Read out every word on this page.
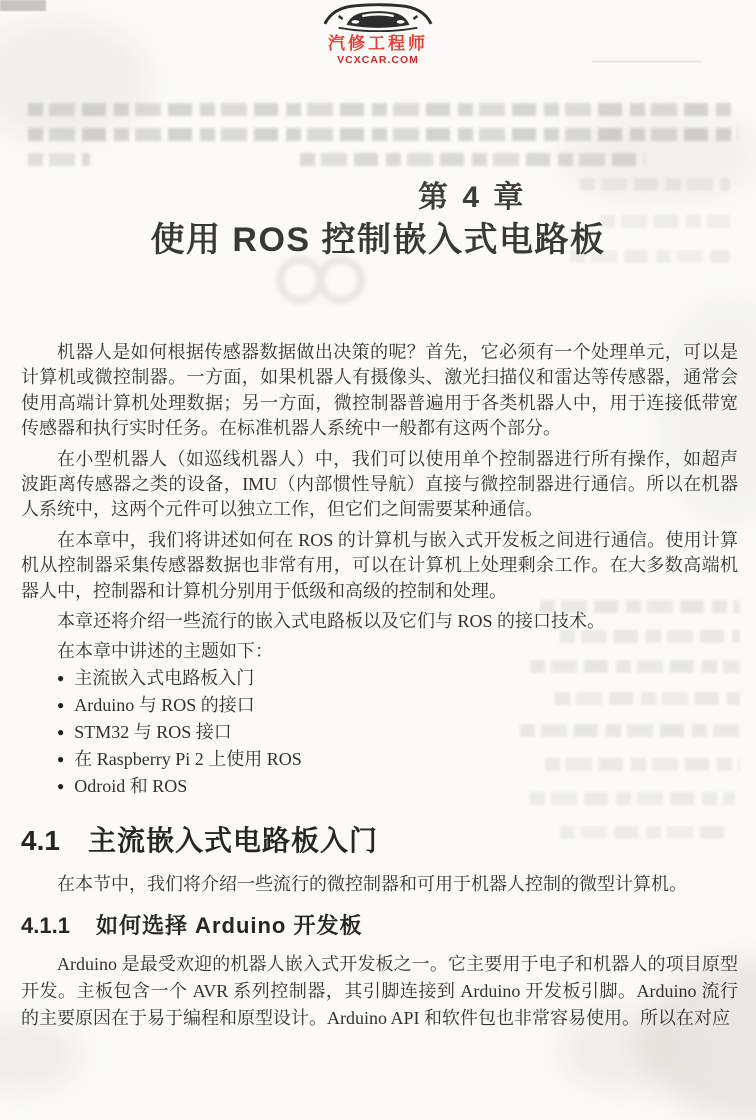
汽修工程师
VCXCAR.COM
第 4 章
使用 ROS 控制嵌入式电路板

机器人是如何根据传感器数据做出决策的呢？首先，它必须有一个处理单元，可以是计算机或微控制器。一方面，如果机器人有摄像头、激光扫描仪和雷达等传感器，通常会使用高端计算机处理数据；另一方面，微控制器普遍用于各类机器人中，用于连接低带宽传感器和执行实时任务。在标准机器人系统中一般都有这两个部分。

在小型机器人（如巡线机器人）中，我们可以使用单个控制器进行所有操作，如超声波距离传感器之类的设备，IMU（内部惯性导航）直接与微控制器进行通信。所以在机器人系统中，这两个元件可以独立工作，但它们之间需要某种通信。

在本章中，我们将讲述如何在 ROS 的计算机与嵌入式开发板之间进行通信。使用计算机从控制器采集传感器数据也非常有用，可以在计算机上处理剩余工作。在大多数高端机器人中，控制器和计算机分别用于低级和高级的控制和处理。

本章还将介绍一些流行的嵌入式电路板以及它们与 ROS 的接口技术。

在本章中讲述的主题如下：

● 主流嵌入式电路板入门
● Arduino 与 ROS 的接口
● STM32 与 ROS 接口
● 在 Raspberry Pi 2 上使用 ROS
● Odroid 和 ROS
4.1 主流嵌入式电路板入门

在本节中，我们将介绍一些流行的微控制器和可用于机器人控制的微型计算机。

4.1.1 如何选择 Arduino 开发板

Arduino 是最受欢迎的机器人嵌入式开发板之一。它主要用于电子和机器人的项目原型开发。主板包含一个 AVR 系列控制器，其引脚连接到 Arduino 开发板引脚。Arduino 流行的主要原因在于易于编程和原型设计。Arduino API 和软件包也非常容易使用。所以在对应
